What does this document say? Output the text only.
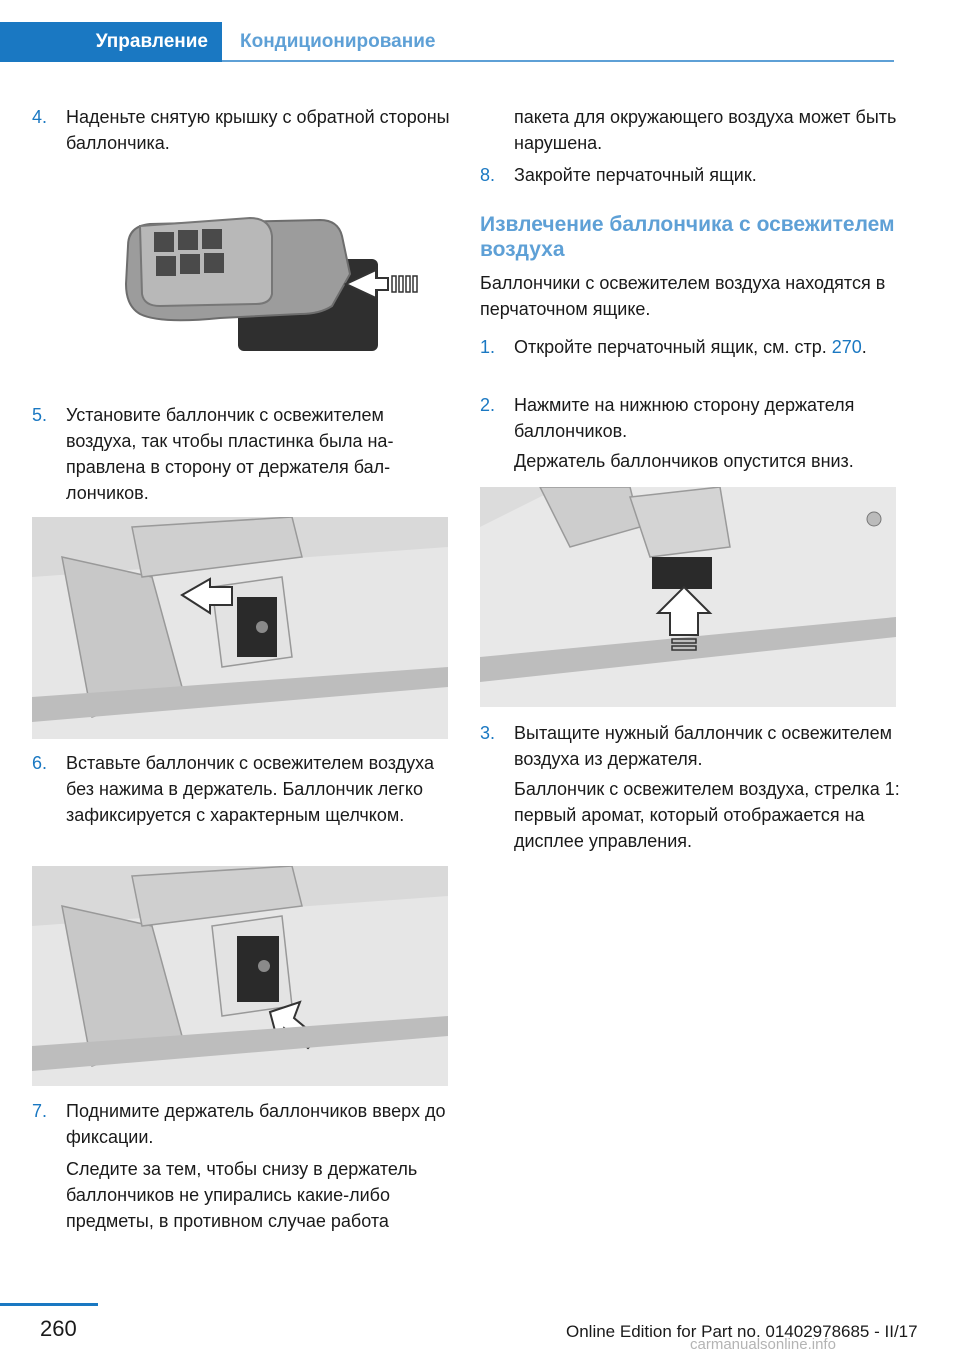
Управление Кондиционирование
4. Наденьте снятую крышку с обратной стороны баллончика.
5. Установите баллончик с освежителем воздуха, так чтобы пластинка была направлена в сторону от держателя баллончиков.
6. Вставьте баллончик с освежителем воздуха без нажима в держатель. Баллончик легко зафиксируется с характерным щелчком.
7. Поднимите держатель баллончиков вверх до фиксации.
Следите за тем, чтобы снизу в держатель баллончиков не упирались какие-либо предметы, в противном случае работа
пакета для окружающего воздуха может быть нарушена.
8. Закройте перчаточный ящик.
Извлечение баллончика с освежителем воздуха
Баллончики с освежителем воздуха находятся в перчаточном ящике.
1. Откройте перчаточный ящик, см. стр. 270.
2. Нажмите на нижнюю сторону держателя баллончиков.
Держатель баллончиков опустится вниз.
3. Вытащите нужный баллончик с освежителем воздуха из держателя.
Баллончик с освежителем воздуха, стрелка 1: первый аромат, который отображается на дисплее управления.
260	Online Edition for Part no. 01402978685 - II/17
carmanualsonline.info
